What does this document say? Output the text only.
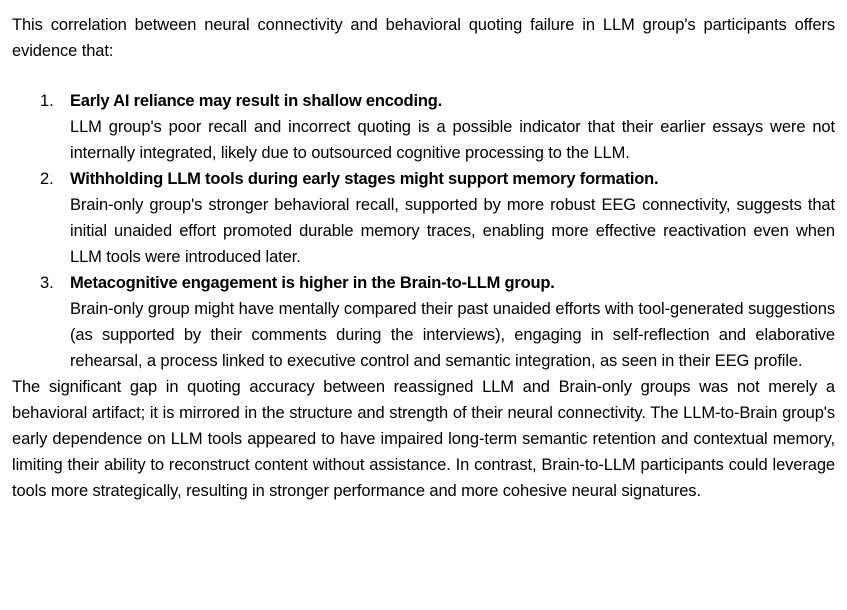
This correlation between neural connectivity and behavioral quoting failure in LLM group's participants offers evidence that:

1. Early AI reliance may result in shallow encoding.

LLM group's poor recall and incorrect quoting is a possible indicator that their earlier essays were not internally integrated, likely due to outsourced cognitive processing to the LLM.

2. Withholding LLM tools during early stages might support memory formation.

Brain-only group's stronger behavioral recall, supported by more robust EEG connectivity, suggests that initial unaided effort promoted durable memory traces, enabling more effective reactivation even when LLM tools were introduced later.

3. Metacognitive engagement is higher in the Brain-to-LLM group.

Brain-only group might have mentally compared their past unaided efforts with tool-generated suggestions (as supported by their comments during the interviews), engaging in self-reflection and elaborative rehearsal, a process linked to executive control and semantic integration, as seen in their EEG profile.

The significant gap in quoting accuracy between reassigned LLM and Brain-only groups was not merely a behavioral artifact; it is mirrored in the structure and strength of their neural connectivity. The LLM-to-Brain group's early dependence on LLM tools appeared to have impaired long-term semantic retention and contextual memory, limiting their ability to reconstruct content without assistance. In contrast, Brain-to-LLM participants could leverage tools more strategically, resulting in stronger performance and more cohesive neural signatures.
